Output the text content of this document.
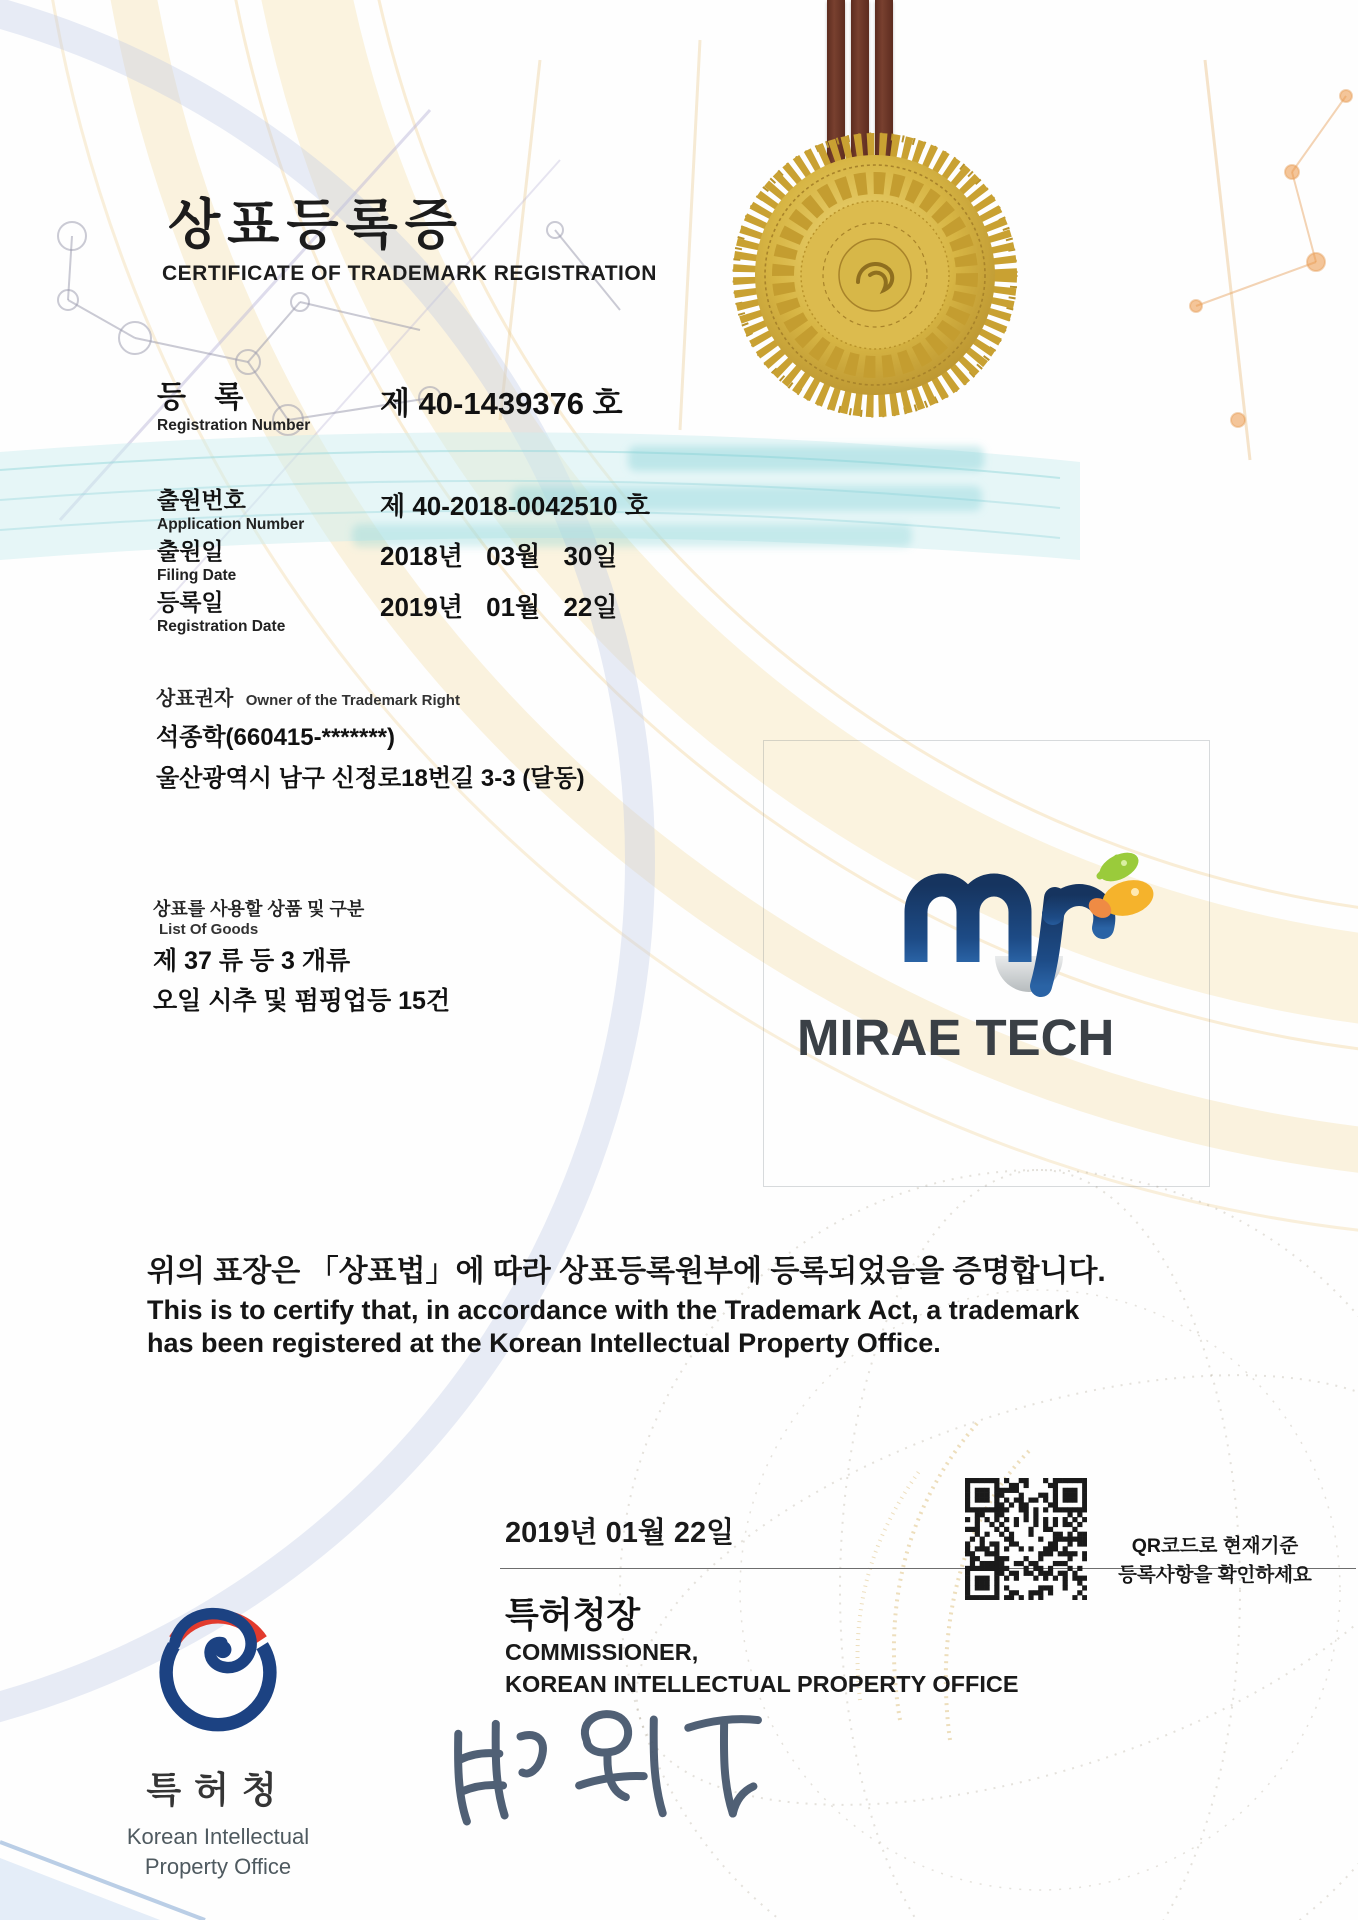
상표등록증
CERTIFICATE OF TRADEMARK REGISTRATION
등 록
Registration Number
제 40-1439376 호
출원번호
Application Number
제 40-2018-0042510 호
출원일
Filing Date
2018년 03월 30일
등록일
Registration Date
2019년 01월 22일
상표권자 Owner of the Trademark Right
석종학(660415-*******)
울산광역시 남구 신정로18번길 3-3 (달동)
상표를 사용할 상품 및 구분
List Of Goods
제 37 류 등 3 개류
오일 시추 및 펌핑업등 15건
MIRAE TECH
위의 표장은 「상표법」에 따라 상표등록원부에 등록되었음을 증명합니다.
This is to certify that, in accordance with the Trademark Act, a trademark
has been registered at the Korean Intellectual Property Office.
2019년 01월 22일
특허청장
COMMISSIONER,
KOREAN INTELLECTUAL PROPERTY OFFICE
QR코드로 현재기준
등록사항을 확인하세요
특허청
Korean Intellectual
Property Office
